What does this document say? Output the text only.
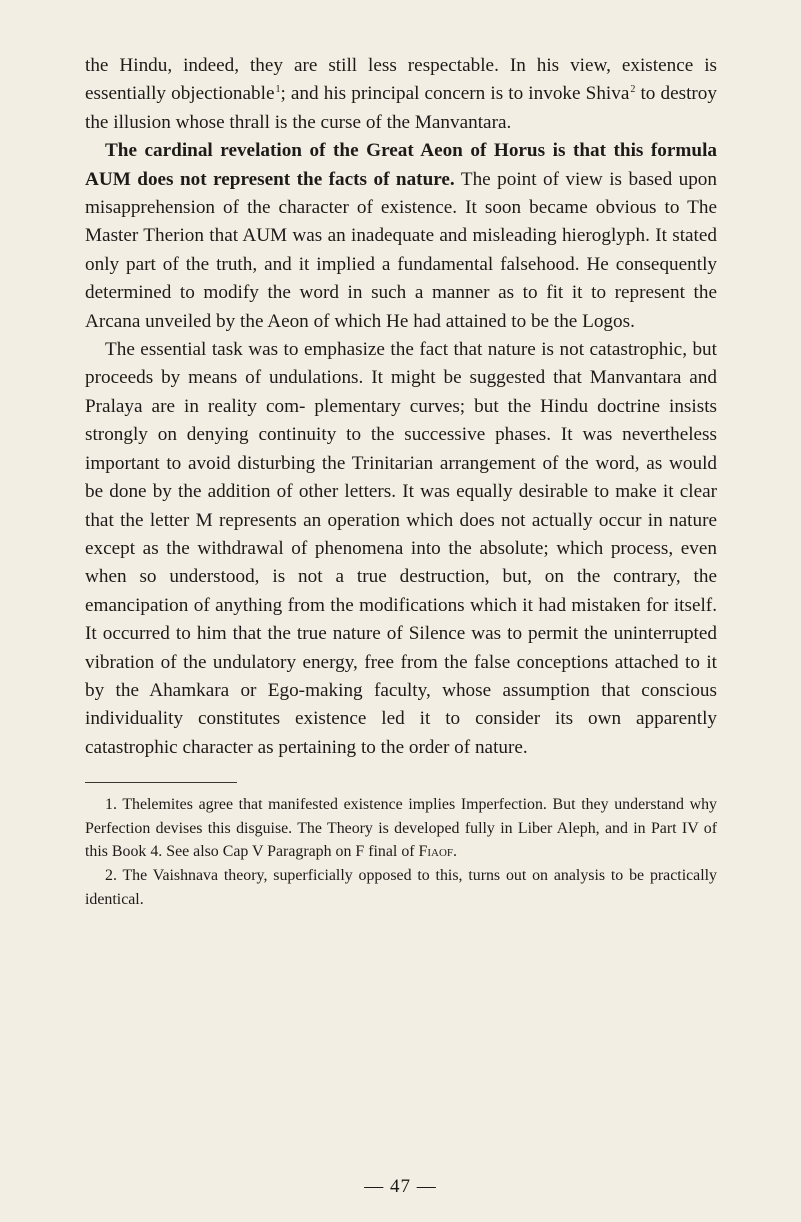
the Hindu, indeed, they are still less respectable. In his view, existence is essentially objectionable$^1$; and his principal concern is to invoke Shiva$^2$ to destroy the illusion whose thrall is the curse of the Manvantara.

The cardinal revelation of the Great Aeon of Horus is that this formula AUM does not represent the facts of nature. The point of view is based upon misapprehension of the character of existence. It soon became obvious to The Master Therion that AUM was an inadequate and misleading hieroglyph. It stated only part of the truth, and it implied a fundamental falsehood. He consequently determined to modify the word in such a manner as to fit it to represent the Arcana unveiled by the Aeon of which He had attained to be the Logos.

The essential task was to emphasize the fact that nature is not catastrophic, but proceeds by means of undulations. It might be suggested that Manvantara and Pralaya are in reality com- plementary curves; but the Hindu doctrine insists strongly on denying continuity to the successive phases. It was nevertheless important to avoid disturbing the Trinitarian arrangement of the word, as would be done by the addition of other letters. It was equally desirable to make it clear that the letter M represents an operation which does not actually occur in nature except as the withdrawal of phenomena into the absolute; which process, even when so understood, is not a true destruction, but, on the contrary, the emancipation of anything from the modifications which it had mistaken for itself. It occurred to him that the true nature of Silence was to permit the uninterrupted vibration of the undulatory energy, free from the false conceptions attached to it by the Ahamkara or Ego-making faculty, whose assumption that conscious individuality constitutes existence led it to consider its own apparently catastrophic character as pertaining to the order of nature.

1. Thelemites agree that manifested existence implies Imperfection. But they understand why Perfection devises this disguise. The Theory is developed fully in Liber Aleph, and in Part IV of this Book 4. See also Cap V Paragraph on F final of Fiaof.

2. The Vaishnava theory, superficially opposed to this, turns out on analysis to be practically identical.

— 47 —
